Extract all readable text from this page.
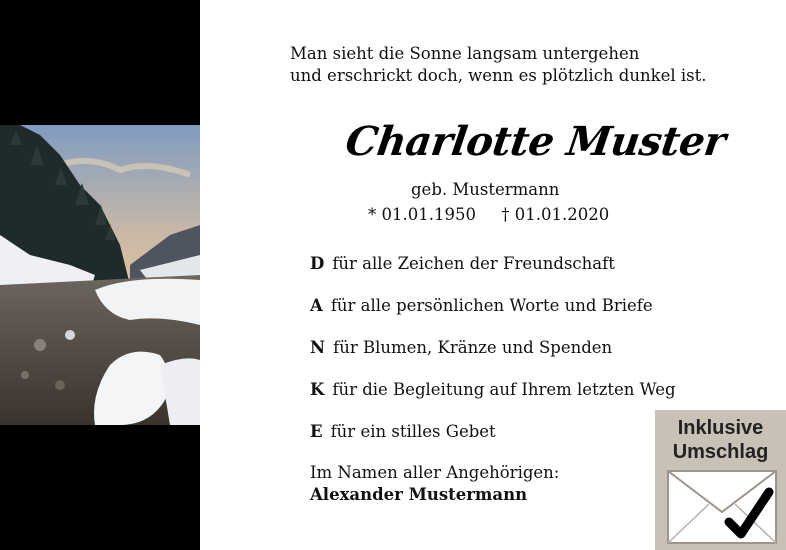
Man sieht die Sonne langsam untergehen
und erschrickt doch, wenn es plötzlich dunkel ist.
Charlotte Muster
geb. Mustermann
* 01.01.1950 † 01.01.2020
D für alle Zeichen der Freundschaft
A für alle persönlichen Worte und Briefe
N für Blumen, Kränze und Spenden
K für die Begleitung auf Ihrem letzten Weg
E für ein stilles Gebet
Im Namen aller Angehörigen:
Alexander Mustermann
Inklusive
Umschlag
